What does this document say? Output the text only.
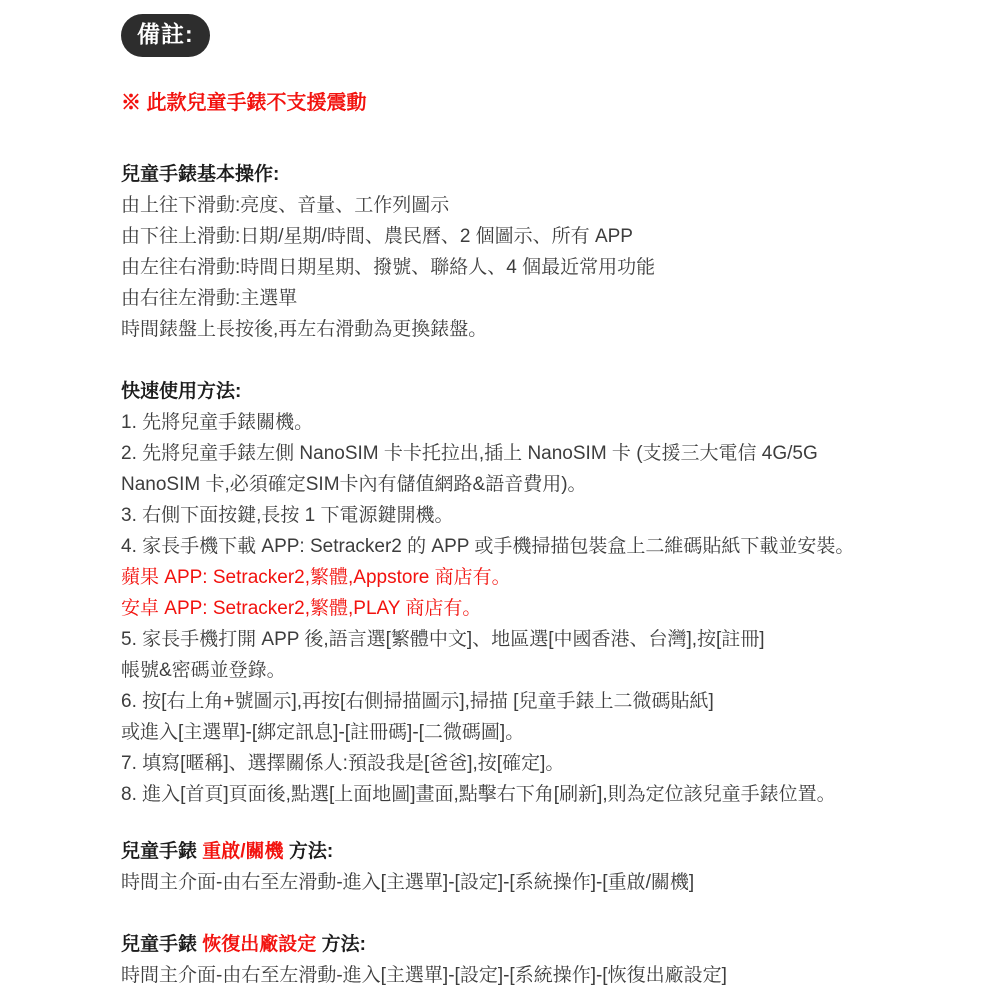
備註:

※ 此款兒童手錶不支援震動

兒童手錶基本操作:

由上往下滑動:亮度、音量、工作列圖示

由下往上滑動:日期/星期/時間、農民曆、2 個圖示、所有 APP

由左往右滑動:時間日期星期、撥號、聯絡人、4 個最近常用功能

由右往左滑動:主選單

時間錶盤上長按後,再左右滑動為更換錶盤。

快速使用方法:

1. 先將兒童手錶關機。

2. 先將兒童手錶左側 NanoSIM 卡卡托拉出,插上 NanoSIM 卡 (支援三大電信 4G/5G

NanoSIM 卡,必須確定SIM卡內有儲值網路&語音費用)。

3. 右側下面按鍵,長按 1 下電源鍵開機。

4. 家長手機下載 APP: Setracker2 的 APP 或手機掃描包裝盒上二維碼貼紙下載並安裝。

蘋果 APP: Setracker2,繁體,Appstore 商店有。

安卓 APP: Setracker2,繁體,PLAY 商店有。

5. 家長手機打開 APP 後,語言選[繁體中文]、地區選[中國香港、台灣],按[註冊]

帳號&密碼並登錄。

6. 按[右上角+號圖示],再按[右側掃描圖示],掃描 [兒童手錶上二微碼貼紙]

或進入[主選單]-[綁定訊息]-[註冊碼]-[二微碼圖]。

7. 填寫[暱稱]、選擇關係人:預設我是[爸爸],按[確定]。

8. 進入[首頁]頁面後,點選[上面地圖]畫面,點擊右下角[刷新],則為定位該兒童手錶位置。

兒童手錶 重啟/關機 方法:

時間主介面-由右至左滑動-進入[主選單]-[設定]-[系統操作]-[重啟/關機]

兒童手錶 恢復出廠設定 方法:

時間主介面-由右至左滑動-進入[主選單]-[設定]-[系統操作]-[恢復出廠設定]
